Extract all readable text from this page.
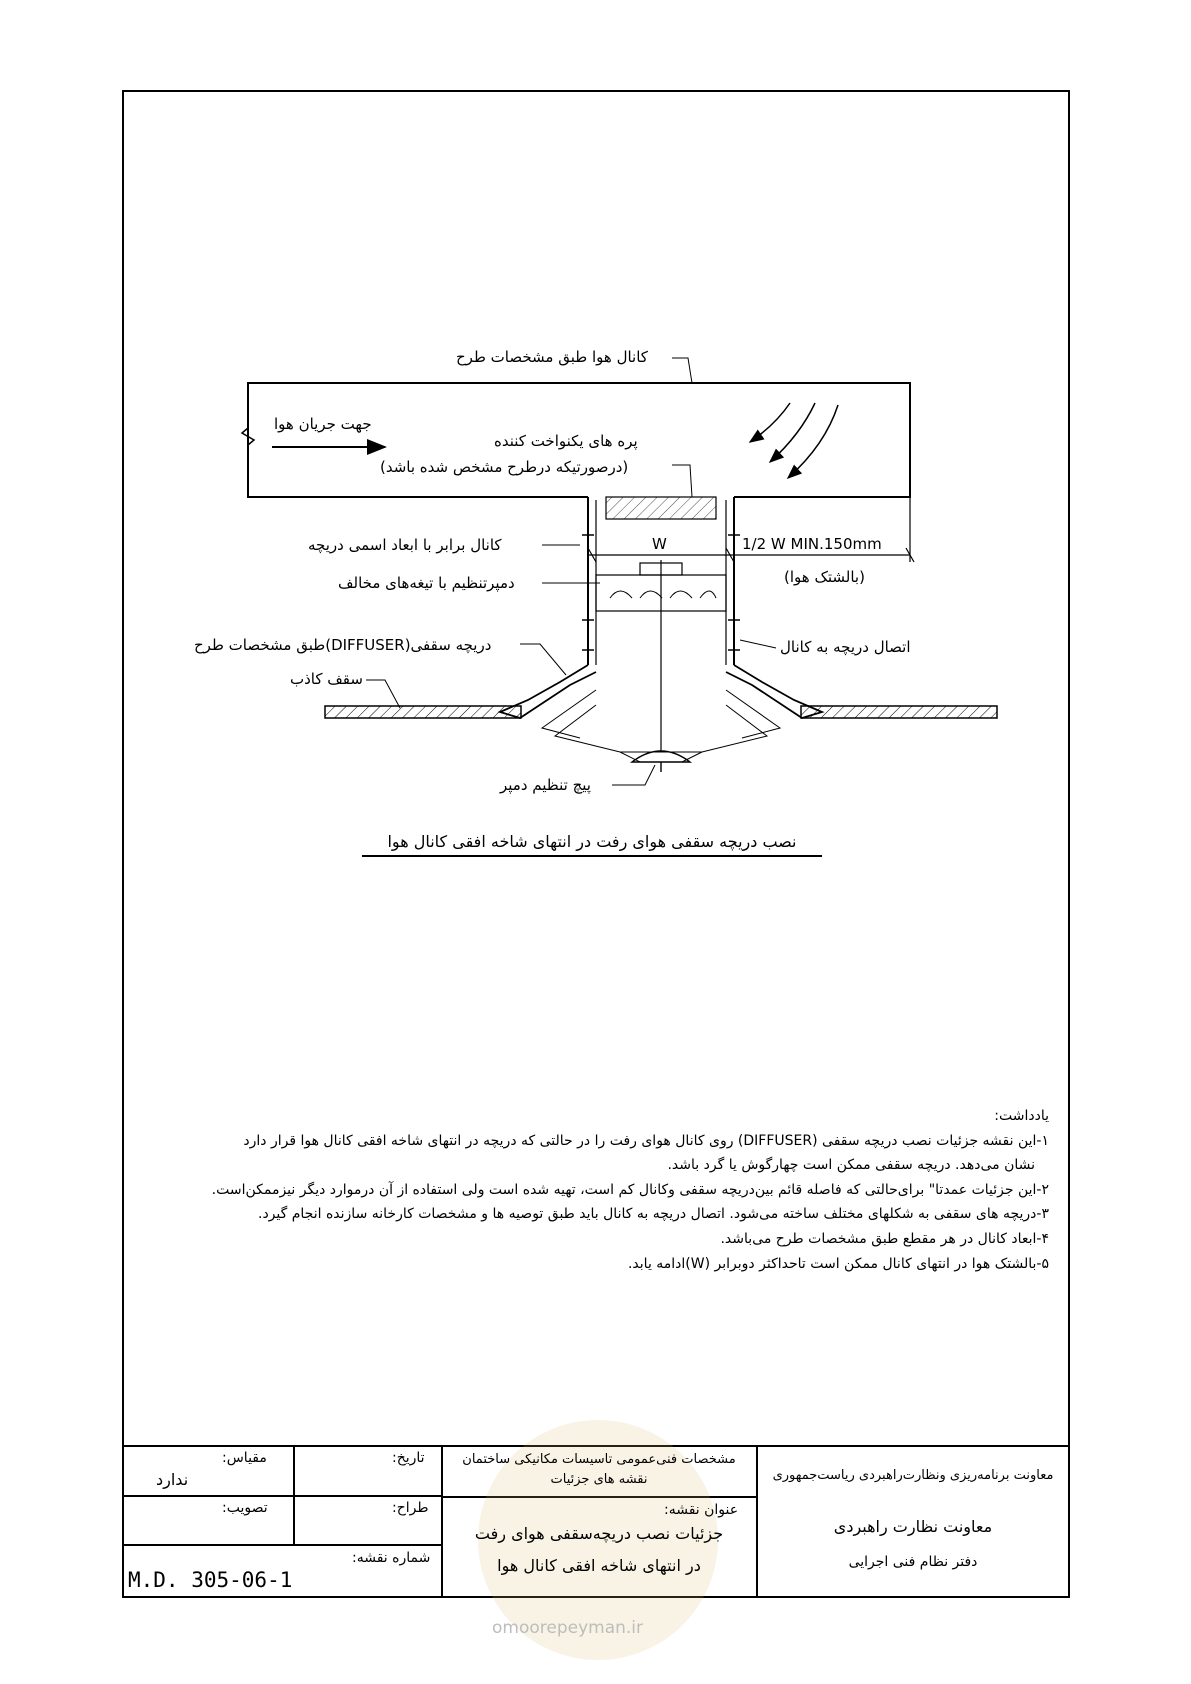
کانال هوا طبق مشخصات طرح
جهت جریان هوا
پره های یکنواخت کننده
(درصورتیکه درطرح مشخص شده باشد)
کانال برابر با ابعاد اسمی دریچه
دمپرتنظیم با تیغه‌های مخالف
دریچه سقفی(DIFFUSER)طبق مشخصات طرح
سقف کاذب
W	1/2 W MIN.150mm
(بالشتک هوا)
اتصال دریچه به کانال
پیچ تنظیم دمپر
نصب دریچه سقفی هوای رفت در انتهای شاخه افقی کانال هوا

یادداشت:

۱-این نقشه جزئیات نصب دریچه سقفی (DIFFUSER) روی کانال هوای رفت را در حالتی که دریچه در انتهای شاخه افقی کانال هوا قرار دارد

نشان می‌دهد. دریچه سقفی ممکن است چهارگوش یا گرد باشد.

۲-این جزئیات عمدتا" برای‌حالتی که فاصله قائم بین‌دریچه سقفی وکانال کم است، تهیه شده است ولی استفاده از آن درموارد دیگر نیزممکن‌است.

۳-دریچه های سقفی به شکلهای مختلف ساخته می‌شود. اتصال دریچه به کانال باید طبق توصیه ها و مشخصات کارخانه سازنده انجام گیرد.

۴-ابعاد کانال در هر مقطع طبق مشخصات طرح می‌باشد.

۵-بالشتک هوا در انتهای کانال ممکن است تاحداکثر دوبرابر (W)ادامه یابد.

مقیاس:
ندارد
تصویب:
تاریخ:
طراح:
شماره نقشه:
M.D. 305-06-1
مشخصات فنی‌عمومی تاسیسات مکانیکی ساختمان
نقشه های جزئیات
عنوان نقشه:
جزئیات نصب دریچه‌سقفی هوای رفت
در انتهای شاخه افقی کانال هوا
معاونت برنامه‌ریزی ونظارت‌راهبردی ریاست‌جمهوری
معاونت نظارت راهبردی
دفتر نظام فنی اجرایی
omoorepeyman.ir
